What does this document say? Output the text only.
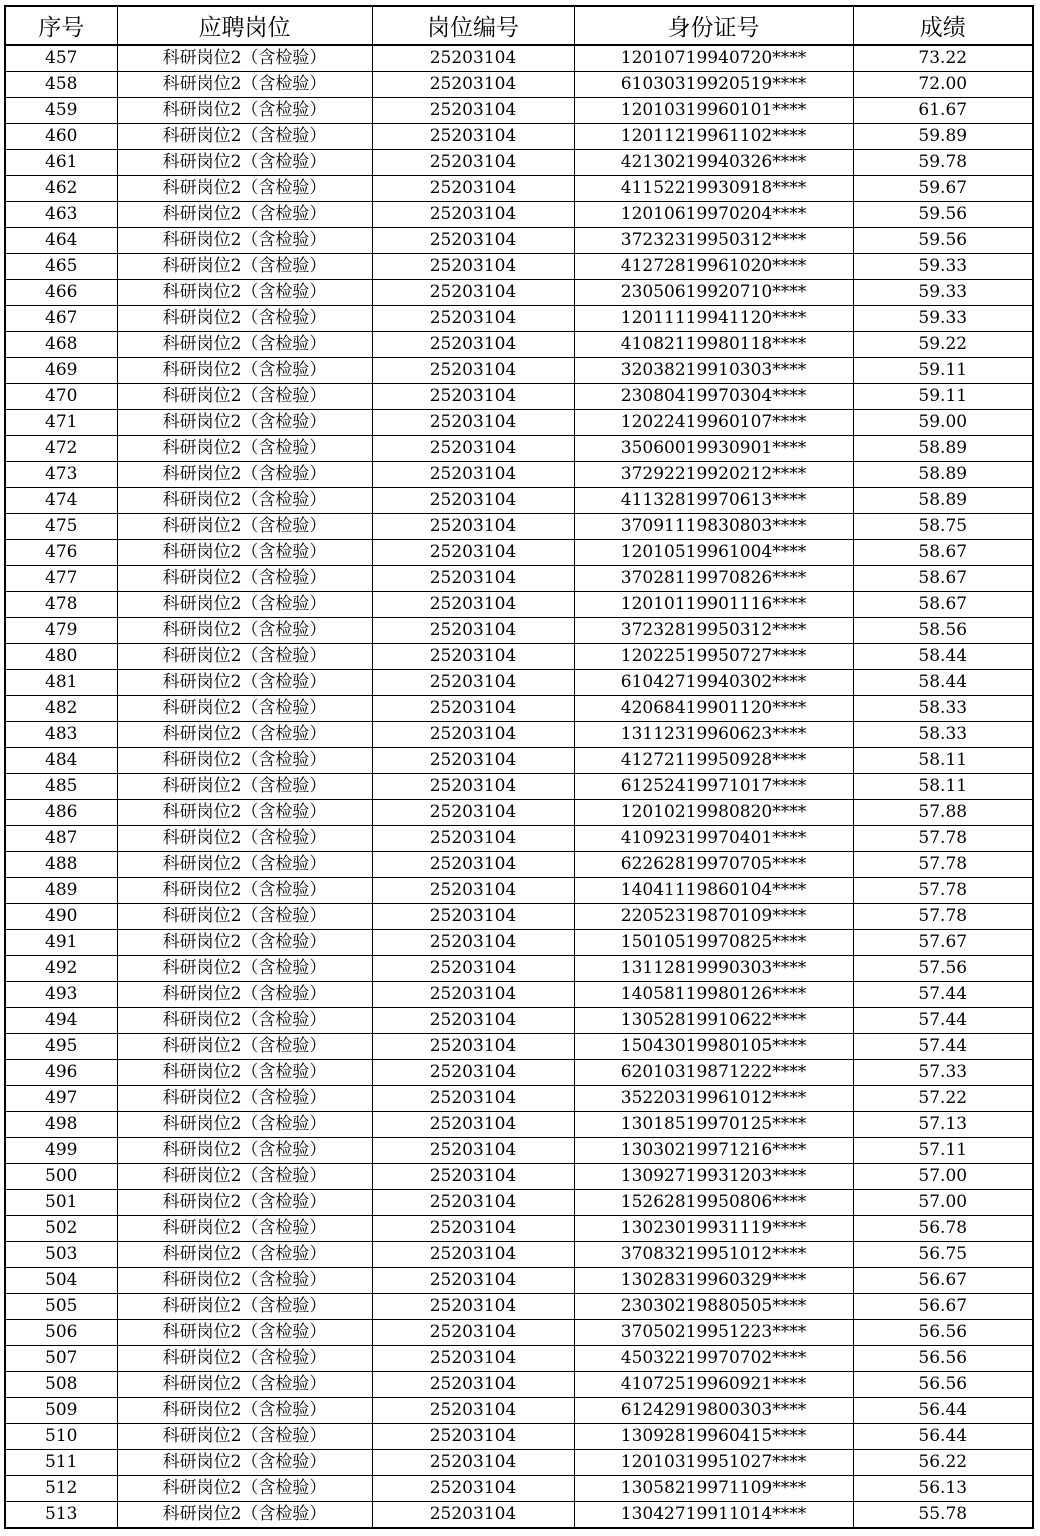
序号	应聘岗位	岗位编号	身份证号	成绩
457	科研岗位2（含检验）	25203104	12010719940720****	73.22
458	科研岗位2（含检验）	25203104	61030319920519****	72.00
459	科研岗位2（含检验）	25203104	12010319960101****	61.67
460	科研岗位2（含检验）	25203104	12011219961102****	59.89
461	科研岗位2（含检验）	25203104	42130219940326****	59.78
462	科研岗位2（含检验）	25203104	41152219930918****	59.67
463	科研岗位2（含检验）	25203104	12010619970204****	59.56
464	科研岗位2（含检验）	25203104	37232319950312****	59.56
465	科研岗位2（含检验）	25203104	41272819961020****	59.33
466	科研岗位2（含检验）	25203104	23050619920710****	59.33
467	科研岗位2（含检验）	25203104	12011119941120****	59.33
468	科研岗位2（含检验）	25203104	41082119980118****	59.22
469	科研岗位2（含检验）	25203104	32038219910303****	59.11
470	科研岗位2（含检验）	25203104	23080419970304****	59.11
471	科研岗位2（含检验）	25203104	12022419960107****	59.00
472	科研岗位2（含检验）	25203104	35060019930901****	58.89
473	科研岗位2（含检验）	25203104	37292219920212****	58.89
474	科研岗位2（含检验）	25203104	41132819970613****	58.89
475	科研岗位2（含检验）	25203104	37091119830803****	58.75
476	科研岗位2（含检验）	25203104	12010519961004****	58.67
477	科研岗位2（含检验）	25203104	37028119970826****	58.67
478	科研岗位2（含检验）	25203104	12010119901116****	58.67
479	科研岗位2（含检验）	25203104	37232819950312****	58.56
480	科研岗位2（含检验）	25203104	12022519950727****	58.44
481	科研岗位2（含检验）	25203104	61042719940302****	58.44
482	科研岗位2（含检验）	25203104	42068419901120****	58.33
483	科研岗位2（含检验）	25203104	13112319960623****	58.33
484	科研岗位2（含检验）	25203104	41272119950928****	58.11
485	科研岗位2（含检验）	25203104	61252419971017****	58.11
486	科研岗位2（含检验）	25203104	12010219980820****	57.88
487	科研岗位2（含检验）	25203104	41092319970401****	57.78
488	科研岗位2（含检验）	25203104	62262819970705****	57.78
489	科研岗位2（含检验）	25203104	14041119860104****	57.78
490	科研岗位2（含检验）	25203104	22052319870109****	57.78
491	科研岗位2（含检验）	25203104	15010519970825****	57.67
492	科研岗位2（含检验）	25203104	13112819990303****	57.56
493	科研岗位2（含检验）	25203104	14058119980126****	57.44
494	科研岗位2（含检验）	25203104	13052819910622****	57.44
495	科研岗位2（含检验）	25203104	15043019980105****	57.44
496	科研岗位2（含检验）	25203104	62010319871222****	57.33
497	科研岗位2（含检验）	25203104	35220319961012****	57.22
498	科研岗位2（含检验）	25203104	13018519970125****	57.13
499	科研岗位2（含检验）	25203104	13030219971216****	57.11
500	科研岗位2（含检验）	25203104	13092719931203****	57.00
501	科研岗位2（含检验）	25203104	15262819950806****	57.00
502	科研岗位2（含检验）	25203104	13023019931119****	56.78
503	科研岗位2（含检验）	25203104	37083219951012****	56.75
504	科研岗位2（含检验）	25203104	13028319960329****	56.67
505	科研岗位2（含检验）	25203104	23030219880505****	56.67
506	科研岗位2（含检验）	25203104	37050219951223****	56.56
507	科研岗位2（含检验）	25203104	45032219970702****	56.56
508	科研岗位2（含检验）	25203104	41072519960921****	56.56
509	科研岗位2（含检验）	25203104	61242919800303****	56.44
510	科研岗位2（含检验）	25203104	13092819960415****	56.44
511	科研岗位2（含检验）	25203104	12010319951027****	56.22
512	科研岗位2（含检验）	25203104	13058219971109****	56.13
513	科研岗位2（含检验）	25203104	13042719911014****	55.78
